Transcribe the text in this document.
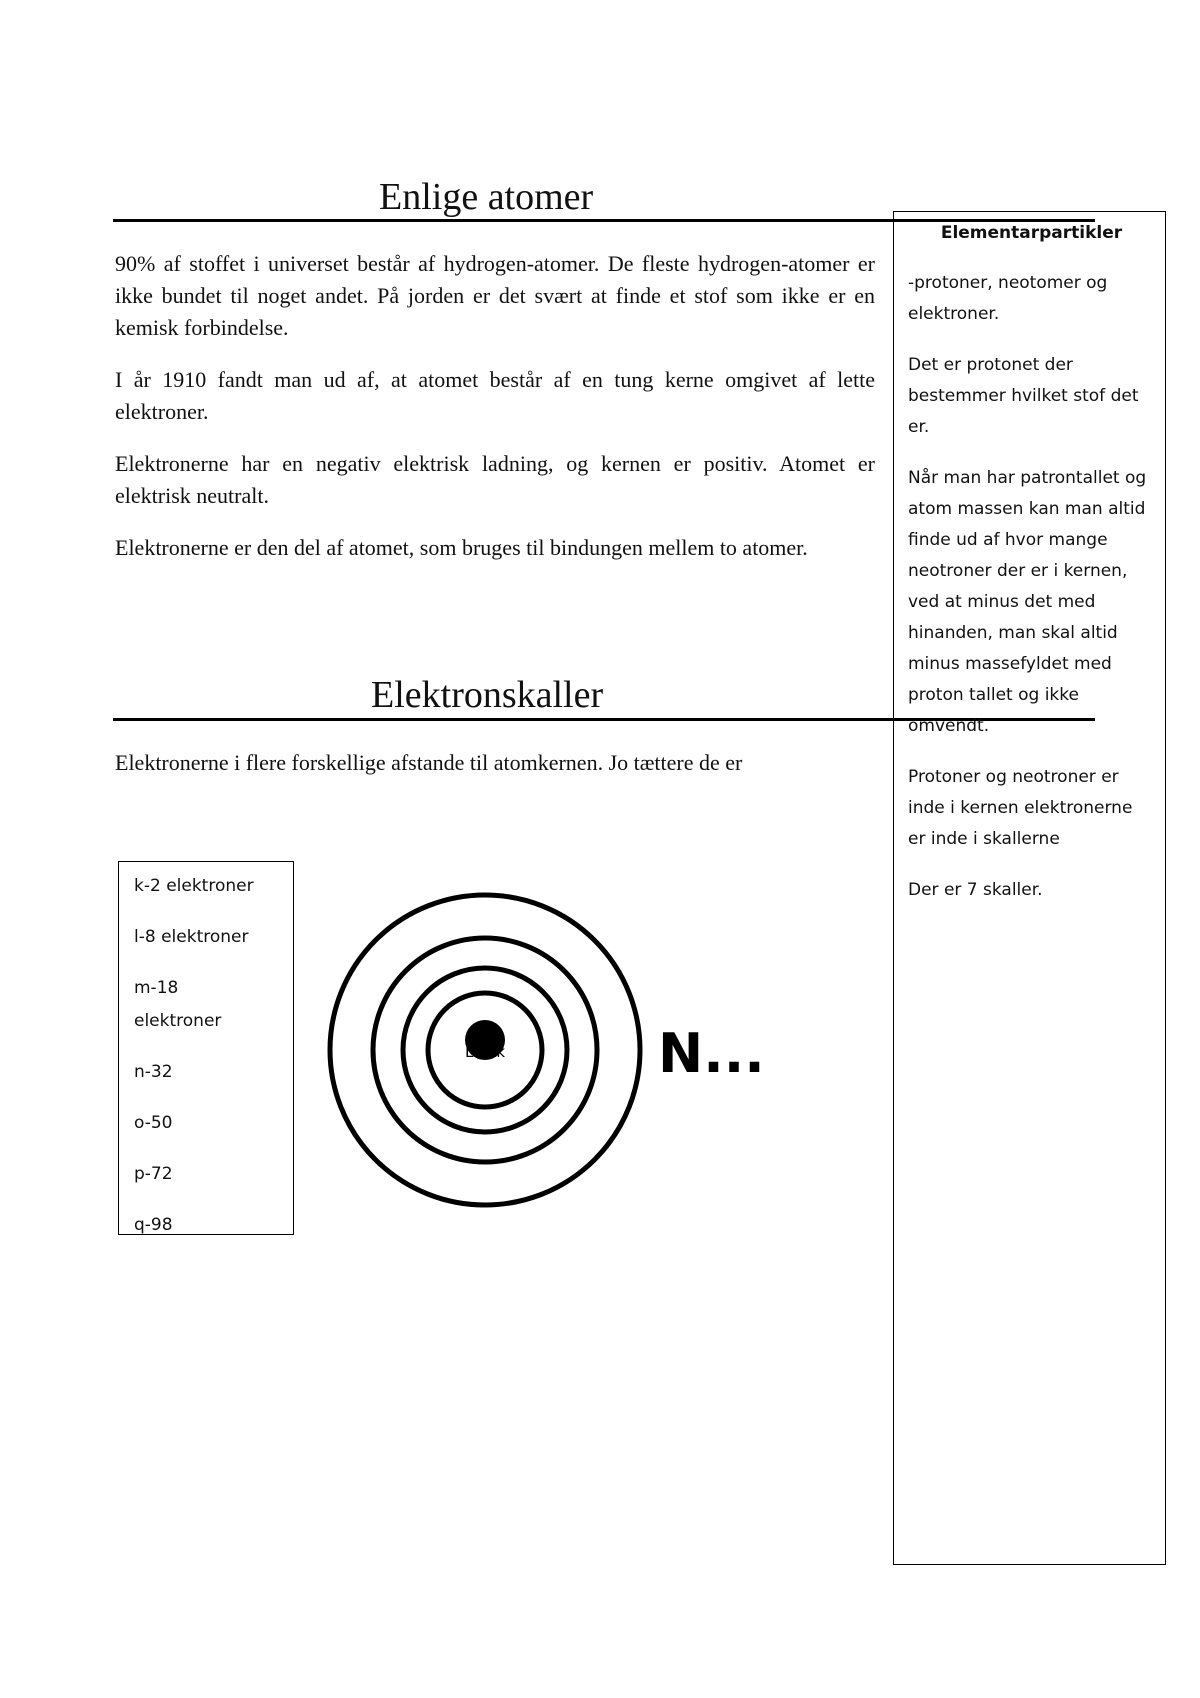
Enlige atomer

90% af stoffet i universet består af hydrogen-atomer. De fleste hydrogen-atomer er ikke bundet til noget andet. På jorden er det svært at finde et stof som ikke er en kemisk forbindelse.

I år 1910 fandt man ud af, at atomet består af en tung kerne omgivet af lette elektroner.

Elektronerne har en negativ elektrisk ladning, og kernen er positiv. Atomet er elektrisk neutralt.

Elektronerne er den del af atomet, som bruges til bindungen mellem to atomer.

Elektronskaller

Elektronerne i flere forskellige afstande til atomkernen. Jo tættere de er

Elementarpartikler

-protoner, neotomer og elektroner.

Det er protonet der bestemmer hvilket stof det er.

Når man har patrontallet og atom massen kan man altid finde ud af hvor mange neotroner der er i kernen, ved at minus det med hinanden, man skal altid minus massefyldet med proton tallet og ikke omvendt.

Protoner og neotroner er inde i kernen elektronerne er inde i skallerne

Der er 7 skaller.

k-2 elektroner
l-8 elektroner
m-18 elektroner
n-32
o-50
p-72
q-98
L...kk	N...
